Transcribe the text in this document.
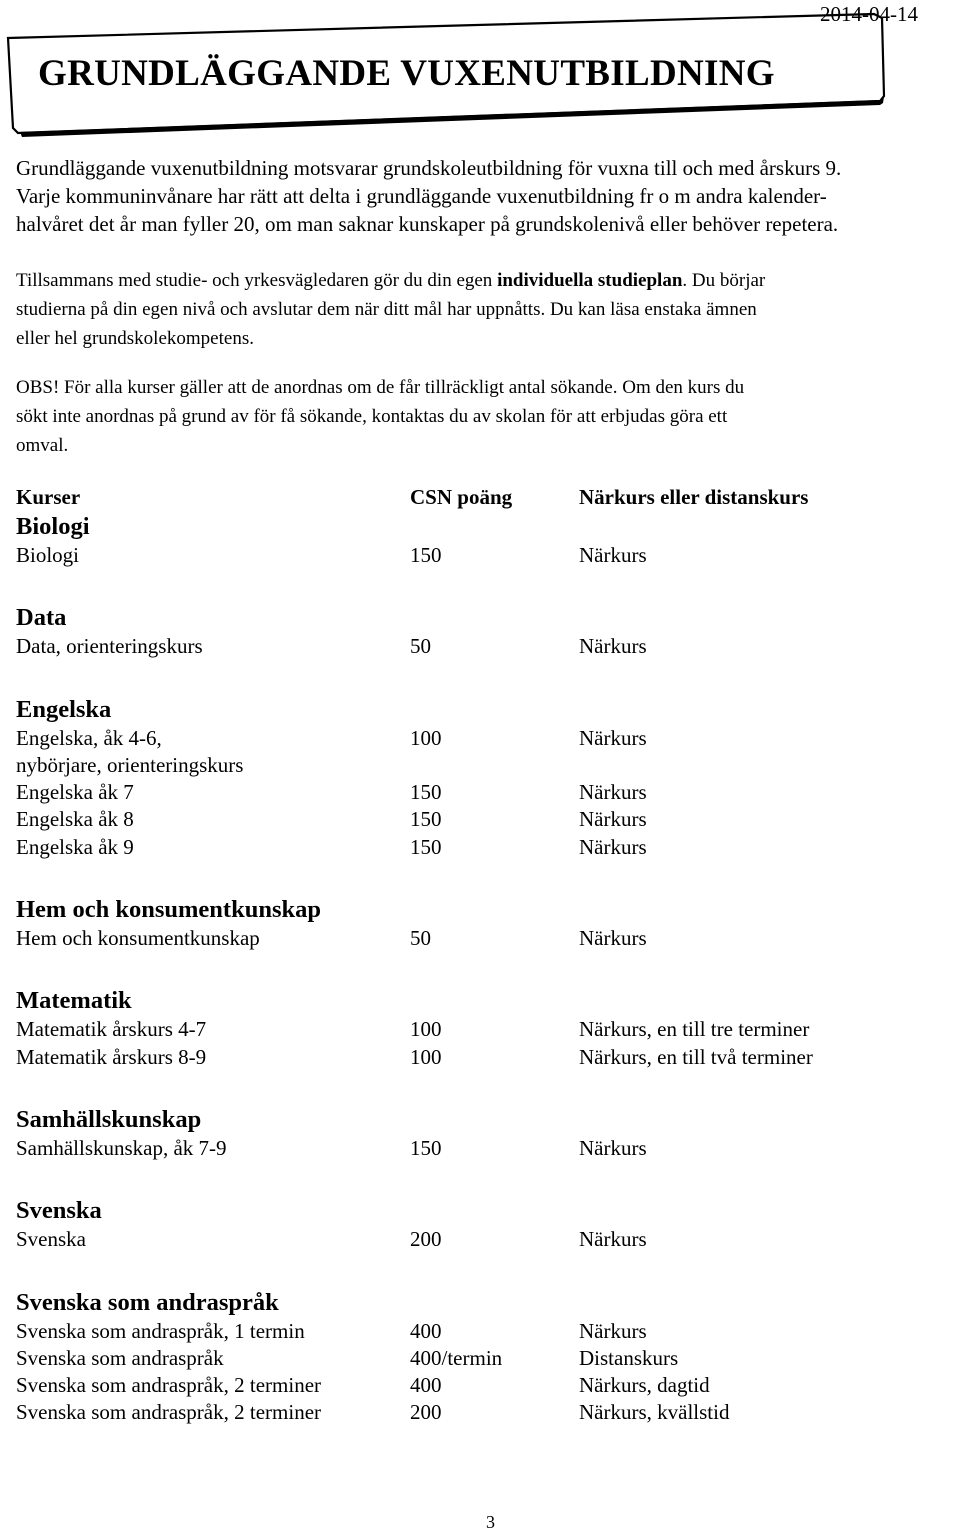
2014-04-14
GRUNDLÄGGANDE VUXENUTBILDNING
Grundläggande vuxenutbildning motsvarar grundskoleutbildning för vuxna till och med årskurs 9.
Varje kommuninvånare har rätt att delta i grundläggande vuxenutbildning fr o m andra kalender-
halvåret det år man fyller 20, om man saknar kunskaper på grundskolenivå eller behöver repetera.
Tillsammans med studie- och yrkesvägledaren gör du din egen individuella studieplan. Du börjar
studierna på din egen nivå och avslutar dem när ditt mål har uppnåtts. Du kan läsa enstaka ämnen
eller hel grundskolekompetens.
OBS! För alla kurser gäller att de anordnas om de får tillräckligt antal sökande. Om den kurs du
sökt inte anordnas på grund av för få sökande, kontaktas du av skolan för att erbjudas göra ett
omval.
Kurser	CSN poäng	Närkurs eller distanskurs
Biologi
Biologi	150	Närkurs
Data
Data, orienteringskurs	50	Närkurs
Engelska
Engelska, åk 4-6,	100	Närkurs
nybörjare, orienteringskurs
Engelska åk 7	150	Närkurs
Engelska åk 8	150	Närkurs
Engelska åk 9	150	Närkurs
Hem och konsumentkunskap
Hem och konsumentkunskap	50	Närkurs
Matematik
Matematik årskurs 4-7	100	Närkurs, en till tre terminer
Matematik årskurs 8-9	100	Närkurs, en till två terminer
Samhällskunskap
Samhällskunskap, åk 7-9	150	Närkurs
Svenska
Svenska	200	Närkurs
Svenska som andraspråk
Svenska som andraspråk, 1 termin	400	Närkurs
Svenska som andraspråk	400/termin	Distanskurs
Svenska som andraspråk, 2 terminer	400	Närkurs, dagtid
Svenska som andraspråk, 2 terminer	200	Närkurs, kvällstid
3
